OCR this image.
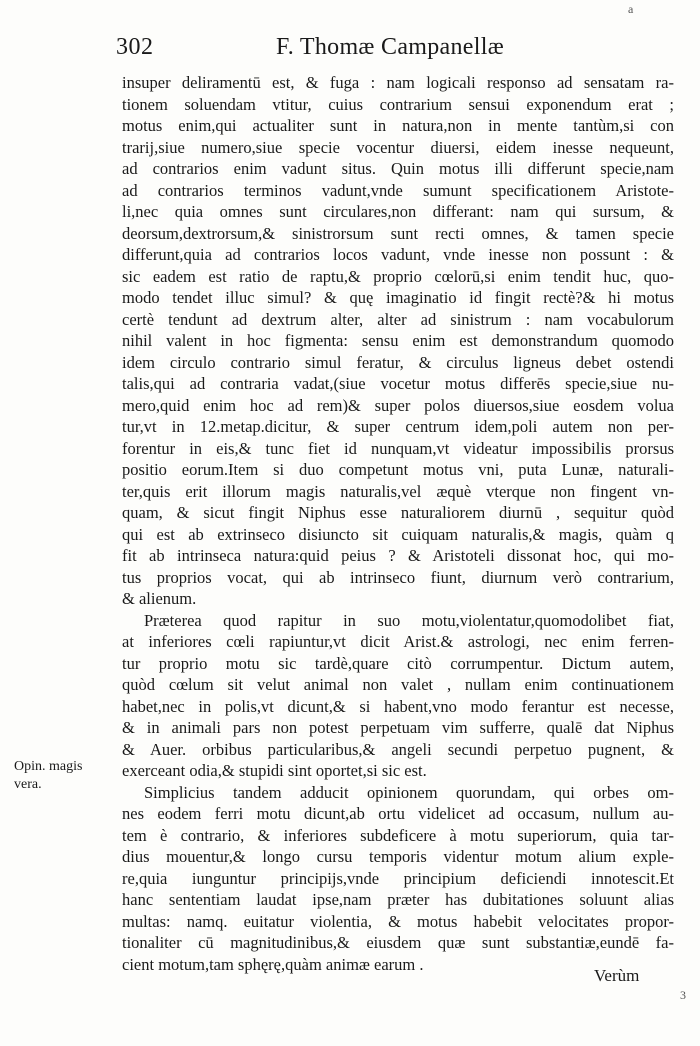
302	F. Thomæ Campanellæ
a
insuper deliramentū est, & fuga : nam logicali responso ad sensatam ra-
tionem soluendam vtitur, cuius contrarium sensui exponendum erat ;
motus enim,qui actualiter sunt in natura,non in mente tantùm,si con
trarij,siue numero,siue specie vocentur diuersi, eidem inesse nequeunt,
ad contrarios enim vadunt situs. Quin motus illi differunt specie,nam
ad contrarios terminos vadunt,vnde sumunt specificationem Aristote-
li,nec quia omnes sunt circulares,non differant: nam qui sursum, &
deorsum,dextrorsum,& sinistrorsum sunt recti omnes, & tamen specie
differunt,quia ad contrarios locos vadunt, vnde inesse non possunt : &
sic eadem est ratio de raptu,& proprio cœlorū,si enim tendit huc, quo-
modo tendet illuc simul? & quę imaginatio id fingit rectè?& hi motus
certè tendunt ad dextrum alter, alter ad sinistrum : nam vocabulorum
nihil valent in hoc figmenta: sensu enim est demonstrandum quomodo
idem circulo contrario simul feratur, & circulus ligneus debet ostendi
talis,qui ad contraria vadat,(siue vocetur motus differēs specie,siue nu-
mero,quid enim hoc ad rem)& super polos diuersos,siue eosdem volua
tur,vt in 12.metap.dicitur, & super centrum idem,poli autem non per-
forentur in eis,& tunc fiet id nunquam,vt videatur impossibilis prorsus
positio eorum.Item si duo competunt motus vni, puta Lunæ, naturali-
ter,quis erit illorum magis naturalis,vel æquè vterque non fingent vn-
quam, & sicut fingit Niphus esse naturaliorem diurnū , sequitur quòd
qui est ab extrinseco disiuncto sit cuiquam naturalis,& magis, quàm q
fit ab intrinseca natura:quid peius ? & Aristoteli dissonat hoc, qui mo-
tus proprios vocat, qui ab intrinseco fiunt, diurnum verò contrarium,
& alienum.
Præterea quod rapitur in suo motu,violentatur,quomodolibet fiat,
at inferiores cœli rapiuntur,vt dicit Arist.& astrologi, nec enim ferren-
tur proprio motu sic tardè,quare citò corrumpentur. Dictum autem,
quòd cœlum sit velut animal non valet , nullam enim continuationem
habet,nec in polis,vt dicunt,& si habent,vno modo ferantur est necesse,
& in animali pars non potest perpetuam vim sufferre, qualē dat Niphus
& Auer. orbibus particularibus,& angeli secundi perpetuo pugnent, &
exerceant odia,& stupidi sint oportet,si sic est.
Simplicius tandem adducit opinionem quorundam, qui orbes om-
nes eodem ferri motu dicunt,ab ortu videlicet ad occasum, nullum au-
tem è contrario, & inferiores subdeficere à motu superiorum, quia tar-
dius mouentur,& longo cursu temporis videntur motum alium exple-
re,quia iunguntur principijs,vnde principium deficiendi innotescit.Et
hanc sententiam laudat ipse,nam præter has dubitationes soluunt alias
multas: namq. euitatur violentia, & motus habebit velocitates propor-
tionaliter cū magnitudinibus,& eiusdem quæ sunt substantiæ,eundē fa-
cient motum,tam sphęrę,quàm animæ earum .
Opin. magis
vera.
Verùm
3
